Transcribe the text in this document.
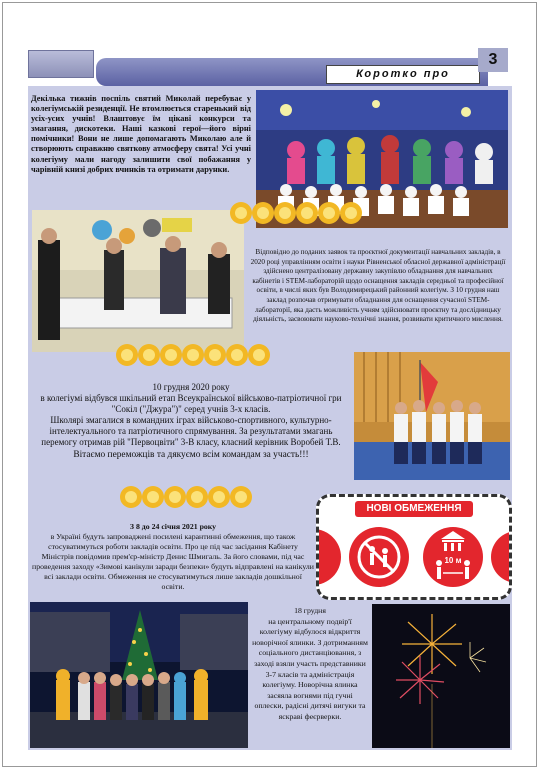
Коротко про
3

Декілька тижнів поспіль святий Миколай перебуває у колегіумській резиденції. Не втомлюється старенький від усіх-усих учнів! Влаштовує їм цікаві конкурси та змагання, дискотеки. Наші казкові герої—його вірні помічники! Вони не лише допомагають Миколаю але й створюють справжню святкову атмосферу свята! Усі учні колегіуму мали нагоду залишити свої побажання у чарівній книзі добрих вчинків та отримати дарунки.

Відповідно до поданих заявок та проєктної документації навчальних закладів, в 2020 році управлінням освіти і науки Рівненської обласної державної адміністрації здійснено централізовану державну закупівлю обладнання для навчальних кабінетів і STEM-лабораторій щодо оснащення закладів середньої та професійної освіти, в числі яких був Володимирецький районний колегіум. З 10 грудня наш заклад розпочав отримувати обладнання для оснащення сучасної STEM-лабораторії, яка дасть можливість учням здійснювати проєктну та дослідницьку діяльність, засвоювати науково-технічні знання, розвивати критичного мислення.

10 грудня 2020 року

в колегіумі відбувся шкільний етап Всеукраїнської військово-патріотичної гри "Сокіл ("Джура")" серед учнів 3-х класів.

Школярі змагалися в командних іграх військово-спортивного, культурно-інтелектуального та патріотичного спрямування. За результатами змагань перемогу отримав рій "Первоцвіти" 3-В класу, класний керівник Воробей Т.В.

Вітаємо переможців та дякуємо всім командам за участь!!!

З 8 до 24 січня 2021 року

в Україні будуть запроваджені посилені карантинні обмеження, що також стосуватимуться роботи закладів освіти. Про це під час засідання Кабінету Міністрів повідомив прем'єр-міністр Денис Шмигаль. За його словами, під час проведення заходу «Зимові канікули заради безпеки» будуть відправлені на канікули всі заклади освіти. Обмеження не стосуватимуться лише закладів дошкільної освіти.

НОВІ ОБМЕЖЕННЯ
10 м

18 грудня

на центральному подвір'ї колегіуму відбулося відкриття новорічної ялинки. З дотриманням соціального дистанціювання, з заході взяли участь представники 3-7 класів та адміністрація колегіуму. Новорічна ялинка засяяла вогнями під гучні оплески, радісні дитячі вигуки та яскраві феєрверки.
